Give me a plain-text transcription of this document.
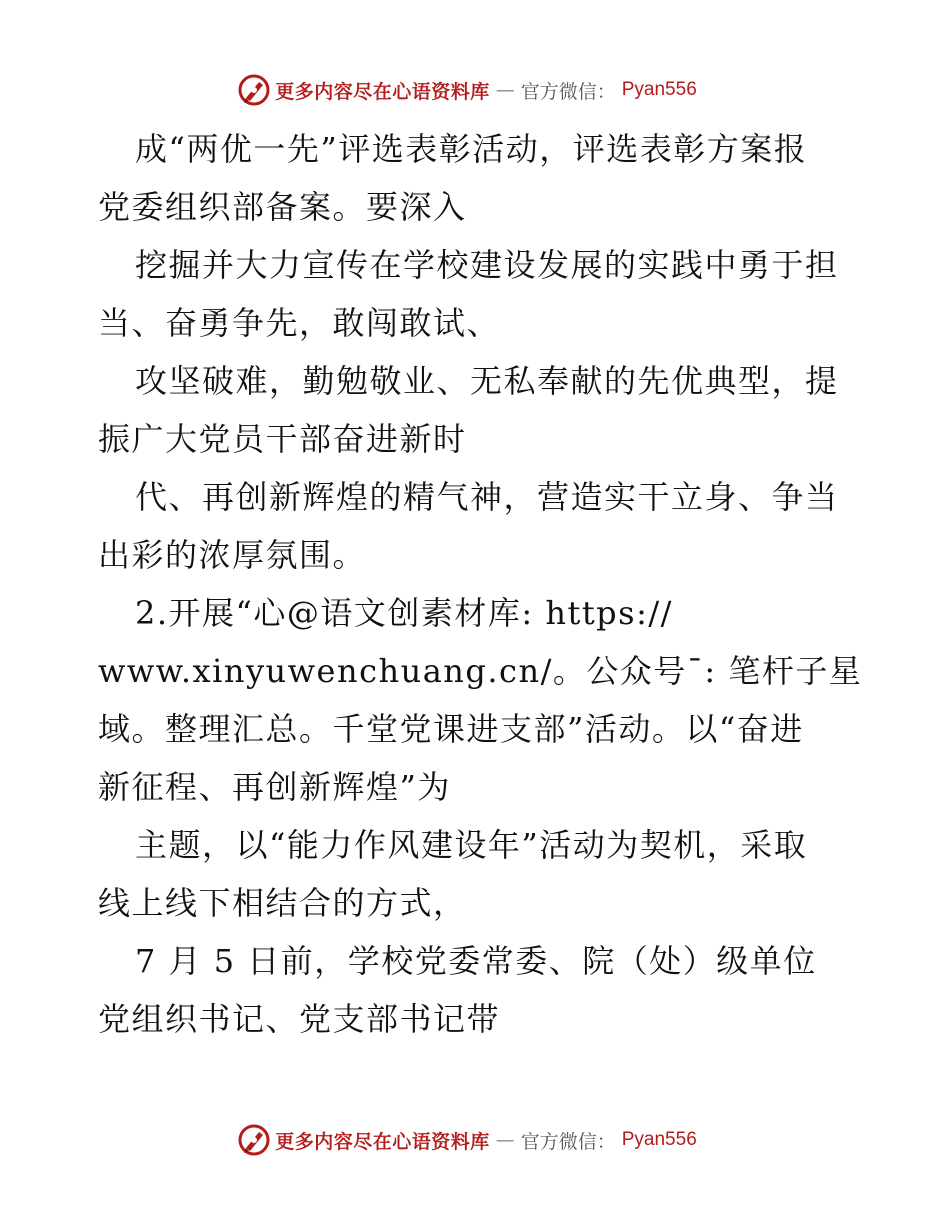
更多内容尽在心语资料库 — 官方微信： Pyan556

成“两优一先”评选表彰活动，评选表彰方案报

党委组织部备案。要深入

挖掘并大力宣传在学校建设发展的实践中勇于担

当、奋勇争先，敢闯敢试、

攻坚破难，勤勉敬业、无私奉献的先优典型，提

振广大党员干部奋进新时

代、再创新辉煌的精气神，营造实干立身、争当

出彩的浓厚氛围。

2.开展“心@语文创素材库: https://

www.xinyuwenchuang.cn/。公众号¯: 笔杆子星

域。整理汇总。千堂党课进支部”活动。以“奋进

新征程、再创新辉煌”为

主题，以“能力作风建设年”活动为契机，采取

线上线下相结合的方式，

7 月 5 日前，学校党委常委、院（处）级单位

党组织书记、党支部书记带

更多内容尽在心语资料库 — 官方微信： Pyan556
